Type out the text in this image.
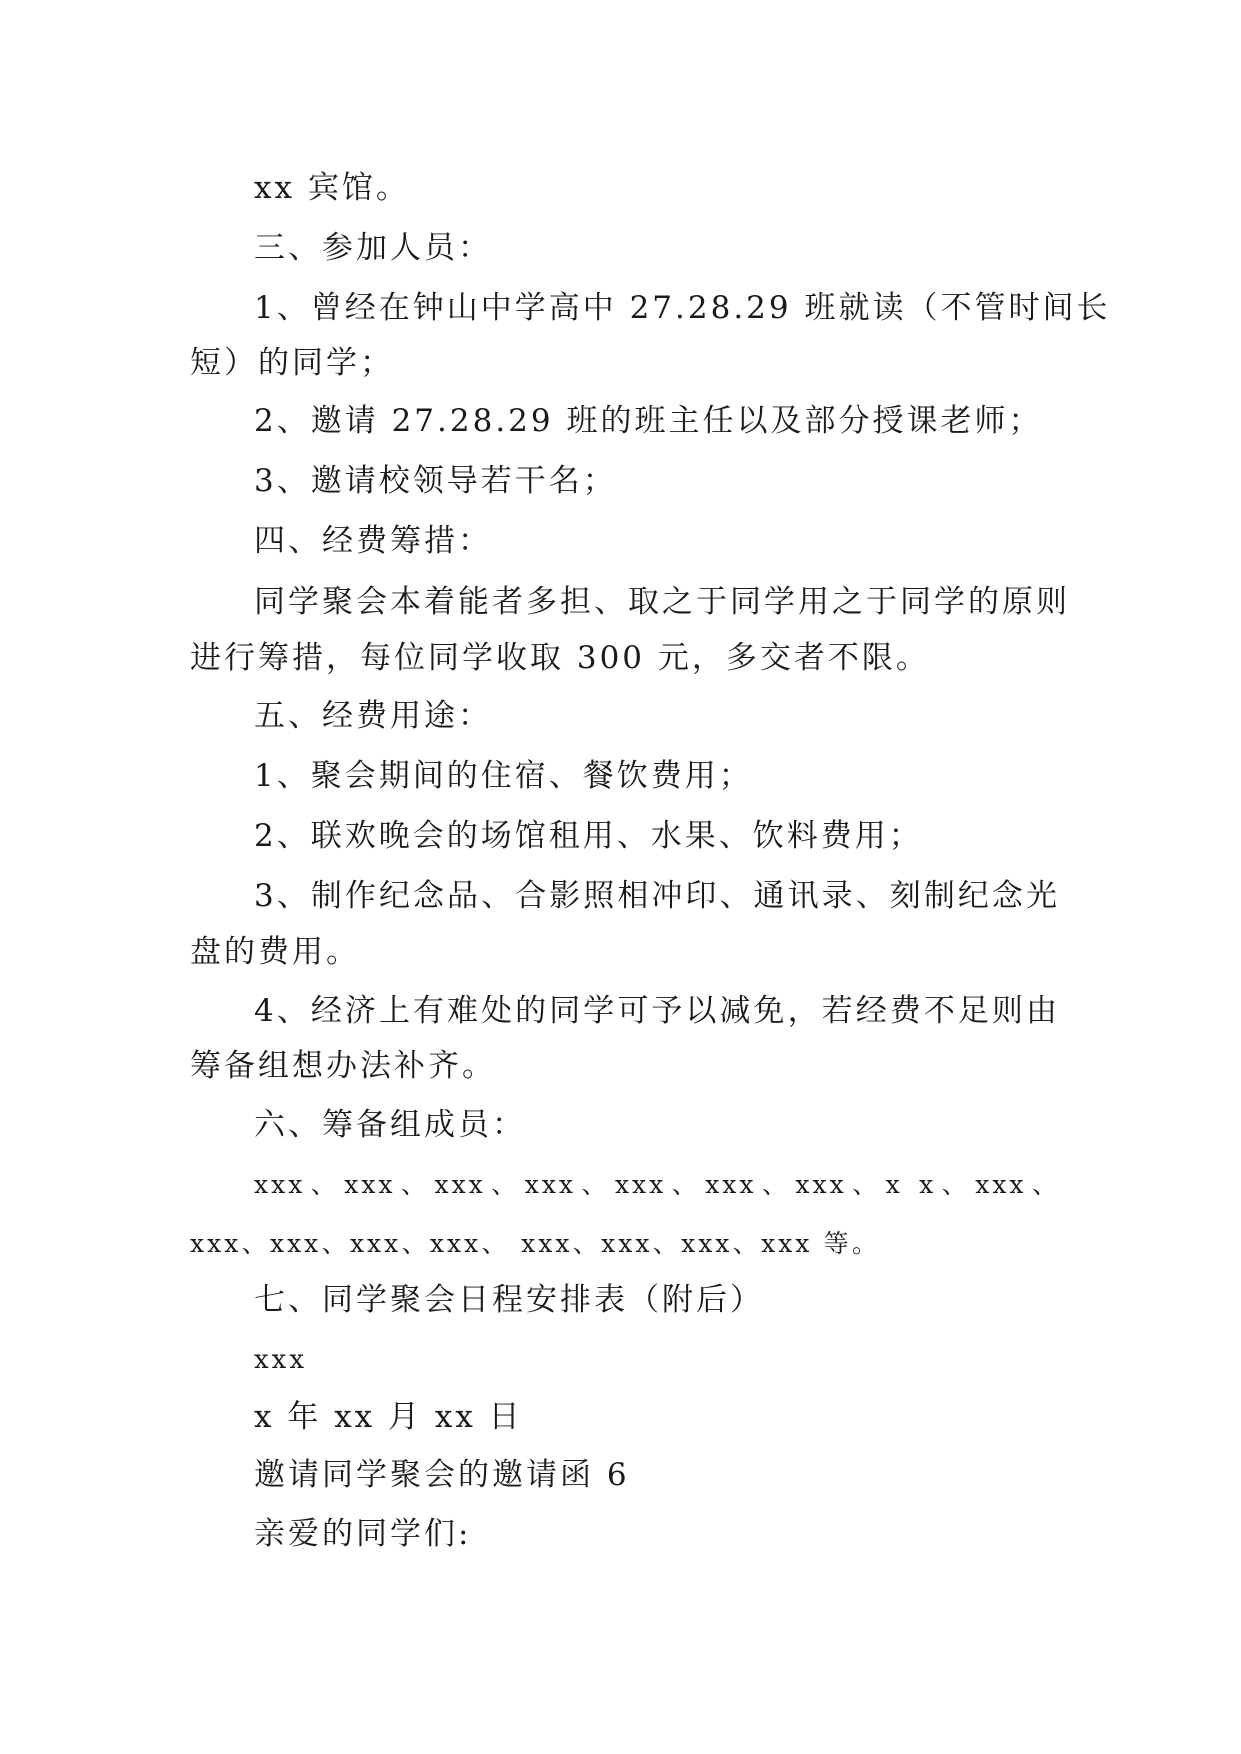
xx 宾馆。
三、参加人员：
1、曾经在钟山中学高中 27.28.29 班就读（不管时间长
短）的同学；
2、邀请 27.28.29 班的班主任以及部分授课老师；
3、邀请校领导若干名；
四、经费筹措：
同学聚会本着能者多担、取之于同学用之于同学的原则
进行筹措，每位同学收取 300 元，多交者不限。
五、经费用途：
1、聚会期间的住宿、餐饮费用；
2、联欢晚会的场馆租用、水果、饮料费用；
3、制作纪念品、合影照相冲印、通讯录、刻制纪念光
盘的费用。
4、经济上有难处的同学可予以减免，若经费不足则由
筹备组想办法补齐。
六、筹备组成员：
xxx、xxx、xxx、xxx、xxx、xxx、xxx、x x、xxx、
xxx、xxx、xxx、xxx、 xxx、xxx、xxx、xxx 等。
七、同学聚会日程安排表（附后）
xxx
x 年 xx 月 xx 日
邀请同学聚会的邀请函 6
亲爱的同学们:
